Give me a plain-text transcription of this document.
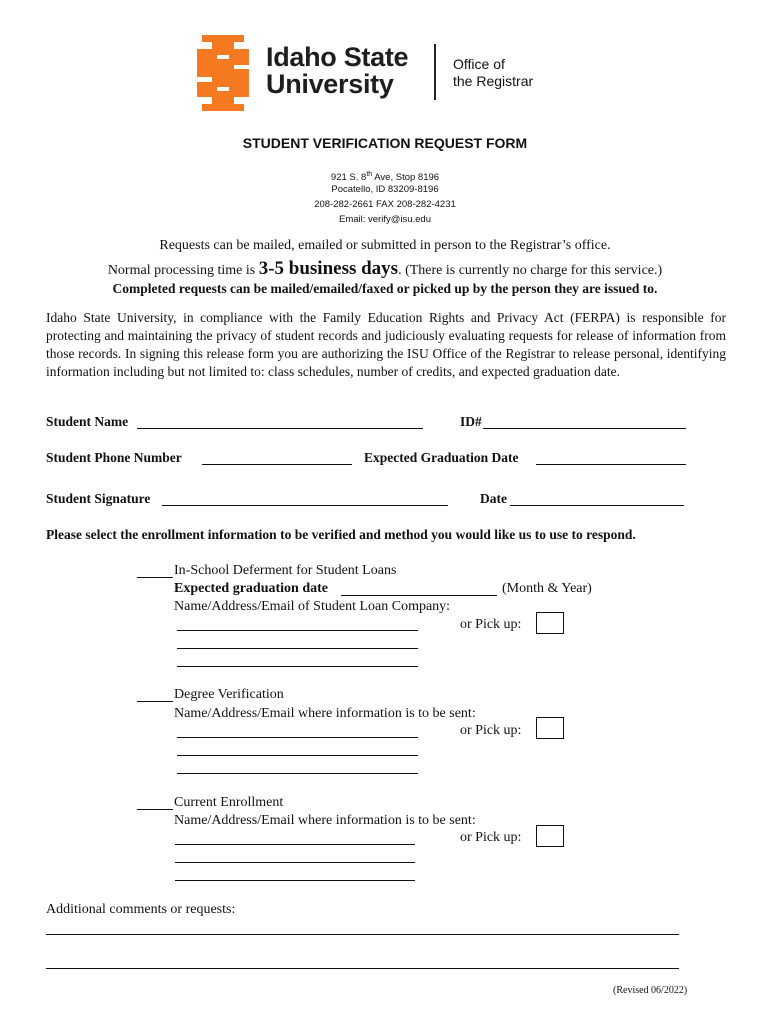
Idaho State
University
Office of
the Registrar
STUDENT VERIFICATION REQUEST FORM
921 S. 8th Ave, Stop 8196
Pocatello, ID 83209-8196
208-282-2661 FAX 208-282-4231
Email: verify@isu.edu
Requests can be mailed, emailed or submitted in person to the Registrar’s office.
Normal processing time is 3-5 business days. (There is currently no charge for this service.)
Completed requests can be mailed/emailed/faxed or picked up by the person they are issued to.
Idaho State University, in compliance with the Family Education Rights and Privacy Act (FERPA) is responsible for protecting and maintaining the privacy of student records and judiciously evaluating requests for release of information from those records. In signing this release form you are authorizing the ISU Office of the Registrar to release personal, identifying information including but not limited to: class schedules, number of credits, and expected graduation date.
Student Name	ID#
Student Phone Number	Expected Graduation Date
Student Signature	Date
Please select the enrollment information to be verified and method you would like us to use to respond.
In-School Deferment for Student Loans
Expected graduation date	(Month & Year)
Name/Address/Email of Student Loan Company:
or Pick up:
Degree Verification
Name/Address/Email where information is to be sent:
or Pick up:
Current Enrollment
Name/Address/Email where information is to be sent:
or Pick up:
Additional comments or requests:
(Revised 06/2022)
